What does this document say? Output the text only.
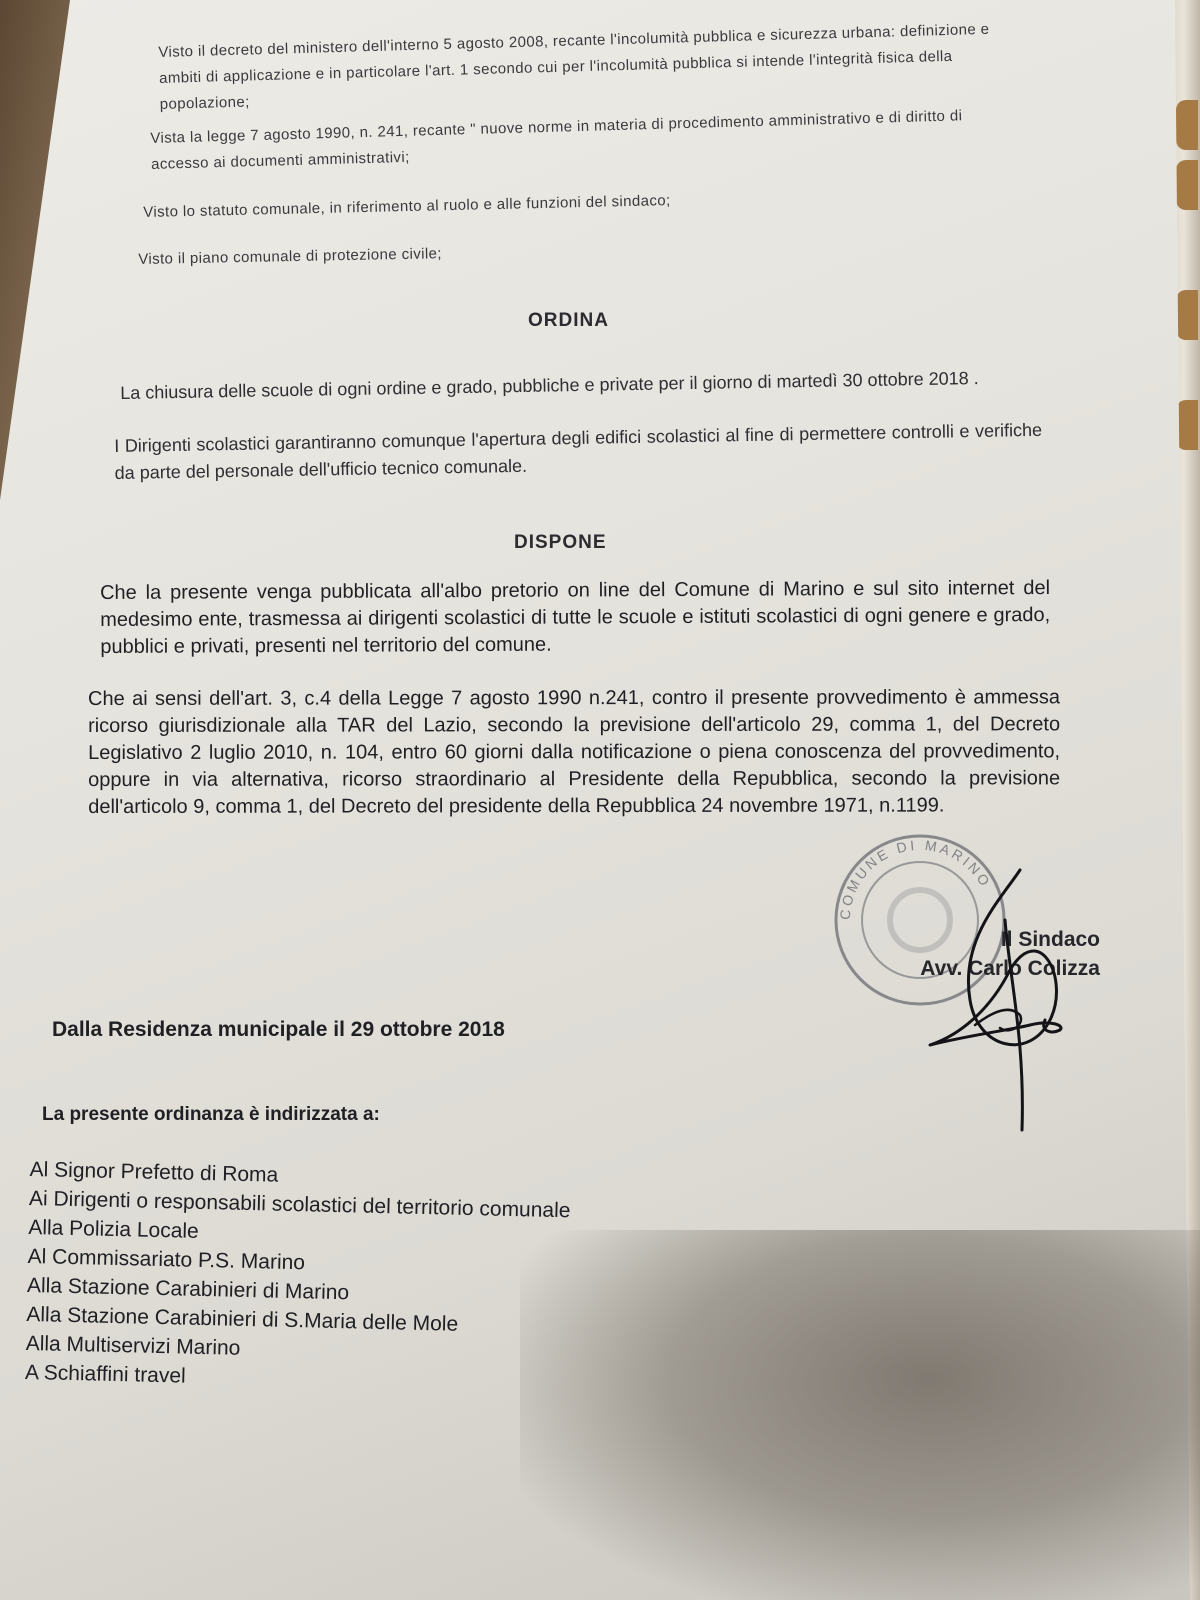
Visto il decreto del ministero dell'interno 5 agosto 2008, recante l'incolumità pubblica e sicurezza urbana: definizione e ambiti di applicazione e in particolare l'art. 1 secondo cui per l'incolumità pubblica si intende l'integrità fisica della popolazione;
Vista la legge 7 agosto 1990, n. 241, recante " nuove norme in materia di procedimento amministrativo e di diritto di accesso ai documenti amministrativi;
Visto lo statuto comunale, in riferimento al ruolo e alle funzioni del sindaco;
Visto il piano comunale di protezione civile;
ORDINA
La chiusura delle scuole di ogni ordine e grado, pubbliche e private per il giorno di martedì 30 ottobre 2018 .
I Dirigenti scolastici garantiranno comunque l'apertura degli edifici scolastici al fine di permettere controlli e verifiche da parte del personale dell'ufficio tecnico comunale.
DISPONE
Che la presente venga pubblicata all'albo pretorio on line del Comune di Marino e sul sito internet del medesimo ente, trasmessa ai dirigenti scolastici di tutte le scuole e istituti scolastici di ogni genere e grado, pubblici e privati, presenti nel territorio del comune.
Che ai sensi dell'art. 3, c.4 della Legge 7 agosto 1990 n.241, contro il presente provvedimento è ammessa ricorso giurisdizionale alla TAR del Lazio, secondo la previsione dell'articolo 29, comma 1, del Decreto Legislativo 2 luglio 2010, n. 104, entro 60 giorni dalla notificazione o piena conoscenza del provvedimento, oppure in via alternativa, ricorso straordinario al Presidente della Repubblica, secondo la previsione dell'articolo 9, comma 1, del Decreto del presidente della Repubblica 24 novembre 1971, n.1199.
COMUNE DI MARINO
Il Sindaco
Avv. Carlo Colizza
Dalla Residenza municipale il 29 ottobre 2018
La presente ordinanza è indirizzata a:
Al Signor Prefetto di Roma
Ai Dirigenti o responsabili scolastici del territorio comunale
Alla Polizia Locale
Al Commissariato P.S. Marino
Alla Stazione Carabinieri di Marino
Alla Stazione Carabinieri di S.Maria delle Mole
Alla Multiservizi Marino
A Schiaffini travel
